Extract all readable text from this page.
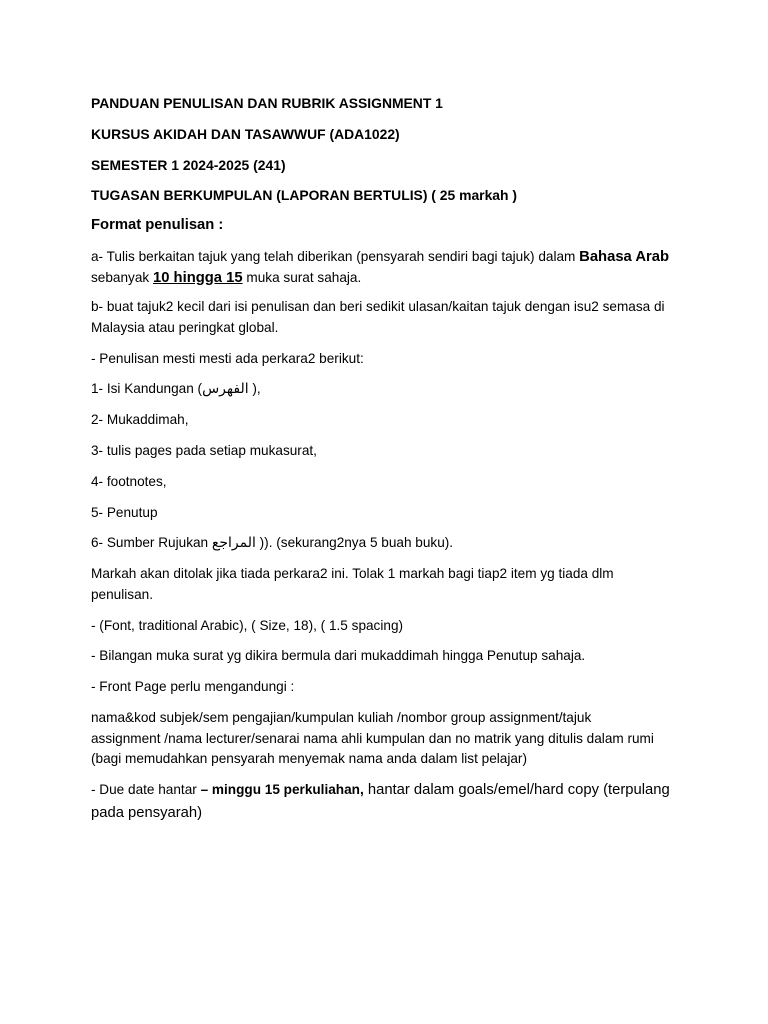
PANDUAN PENULISAN DAN RUBRIK ASSIGNMENT 1
KURSUS AKIDAH DAN TASAWWUF (ADA1022)
SEMESTER 1 2024-2025 (241)
TUGASAN BERKUMPULAN (LAPORAN BERTULIS) ( 25 markah )
Format penulisan :
a- Tulis berkaitan tajuk yang telah diberikan (pensyarah sendiri bagi tajuk) dalam Bahasa Arab
sebanyak 10 hingga 15 muka surat sahaja.
b- buat tajuk2 kecil dari isi penulisan dan beri sedikit ulasan/kaitan tajuk dengan isu2 semasa di
Malaysia atau peringkat global.
- Penulisan mesti mesti ada perkara2 berikut:
1- Isi Kandungan (الفهرس ),
2- Mukaddimah,
3- tulis pages pada setiap mukasurat,
4- footnotes,
5- Penutup
6- Sumber Rujukan المراجع )). (sekurang2nya 5 buah buku).
Markah akan ditolak jika tiada perkara2 ini. Tolak 1 markah bagi tiap2 item yg tiada dlm
penulisan.
- (Font, traditional Arabic), ( Size, 18), ( 1.5 spacing)
- Bilangan muka surat yg dikira bermula dari mukaddimah hingga Penutup sahaja.
- Front Page perlu mengandungi :
nama&kod subjek/sem pengajian/kumpulan kuliah /nombor group assignment/tajuk
assignment /nama lecturer/senarai nama ahli kumpulan dan no matrik yang ditulis dalam rumi
(bagi memudahkan pensyarah menyemak nama anda dalam list pelajar)
- Due date hantar – minggu 15 perkuliahan, hantar dalam goals/emel/hard copy (terpulang
pada pensyarah)
